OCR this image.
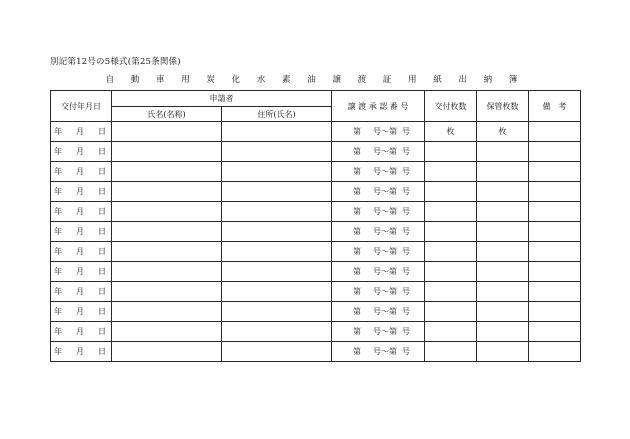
別記第12号の5様式(第25条関係)
自 動 車 用 炭 化 水 素 油 譲 渡 証 用 紙 出 納 簿
交付年月日	申請者		譲 渡 承 認 番 号	交付枚数	保管枚数	備　考
	氏名(名称)	住所(氏名)				
年 月 日			第 号〜第 号	枚	枚	
年 月 日			第 号〜第 号			
年 月 日			第 号〜第 号			
年 月 日			第 号〜第 号			
年 月 日			第 号〜第 号			
年 月 日			第 号〜第 号			
年 月 日			第 号〜第 号			
年 月 日			第 号〜第 号			
年 月 日			第 号〜第 号			
年 月 日			第 号〜第 号			
年 月 日			第 号〜第 号			
年 月 日			第 号〜第 号			
